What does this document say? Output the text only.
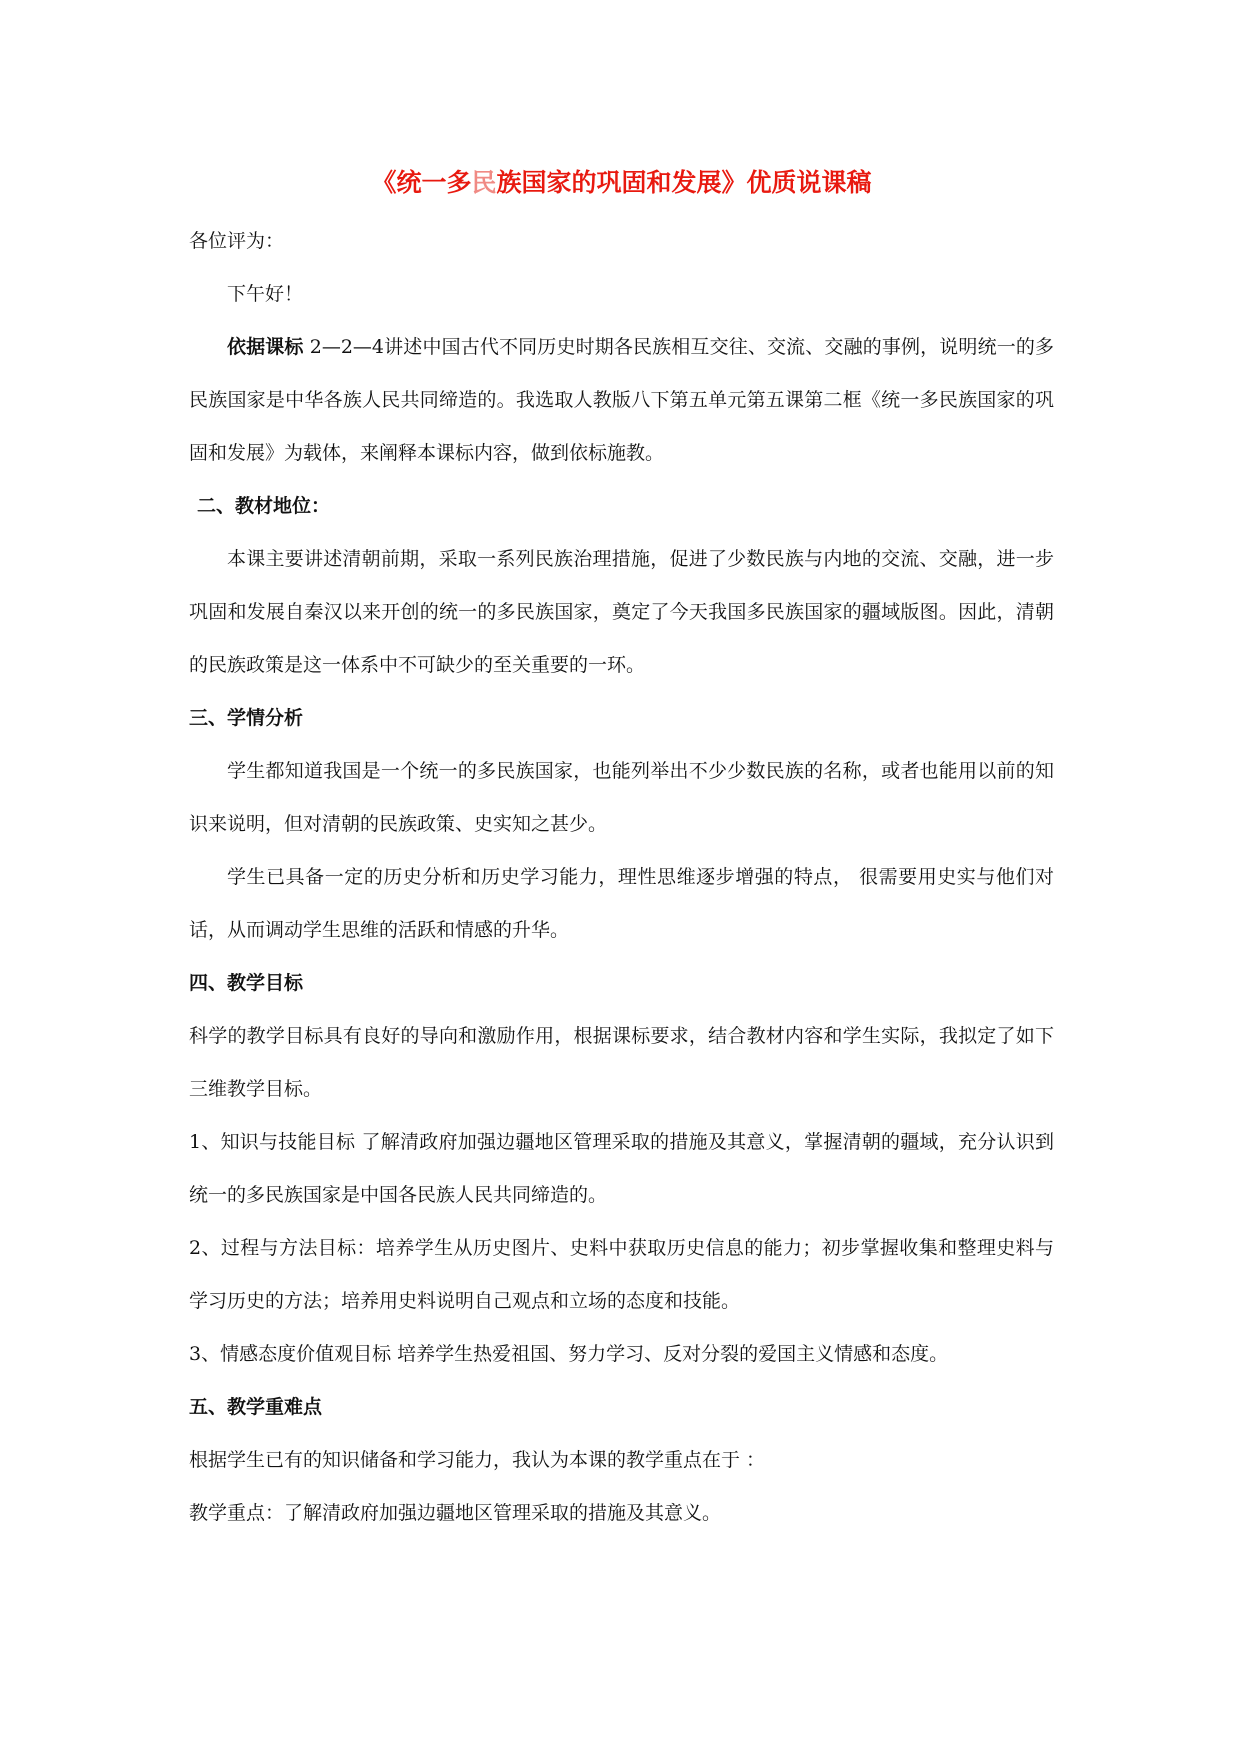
《统一多民族国家的巩固和发展》优质说课稿

各位评为：

下午好！

依据课标 2—2—4讲述中国古代不同历史时期各民族相互交往、交流、交融的事例，说明统一的多民族国家是中华各族人民共同缔造的。我选取人教版八下第五单元第五课第二框《统一多民族国家的巩固和发展》为载体，来阐释本课标内容，做到依标施教。

二、教材地位：

本课主要讲述清朝前期，采取一系列民族治理措施，促进了少数民族与内地的交流、交融，进一步巩固和发展自秦汉以来开创的统一的多民族国家，奠定了今天我国多民族国家的疆域版图。因此，清朝的民族政策是这一体系中不可缺少的至关重要的一环。

三、学情分析

学生都知道我国是一个统一的多民族国家，也能列举出不少少数民族的名称，或者也能用以前的知识来说明，但对清朝的民族政策、史实知之甚少。

学生已具备一定的历史分析和历史学习能力，理性思维逐步增强的特点， 很需要用史实与他们对话，从而调动学生思维的活跃和情感的升华。

四、教学目标

科学的教学目标具有良好的导向和激励作用，根据课标要求，结合教材内容和学生实际，我拟定了如下三维教学目标。

1、知识与技能目标 了解清政府加强边疆地区管理采取的措施及其意义，掌握清朝的疆域，充分认识到统一的多民族国家是中国各民族人民共同缔造的。

2、过程与方法目标：培养学生从历史图片、史料中获取历史信息的能力；初步掌握收集和整理史料与学习历史的方法；培养用史料说明自己观点和立场的态度和技能。

3、情感态度价值观目标 培养学生热爱祖国、努力学习、反对分裂的爱国主义情感和态度。

五、教学重难点

根据学生已有的知识储备和学习能力，我认为本课的教学重点在于 ：

教学重点：了解清政府加强边疆地区管理采取的措施及其意义。
